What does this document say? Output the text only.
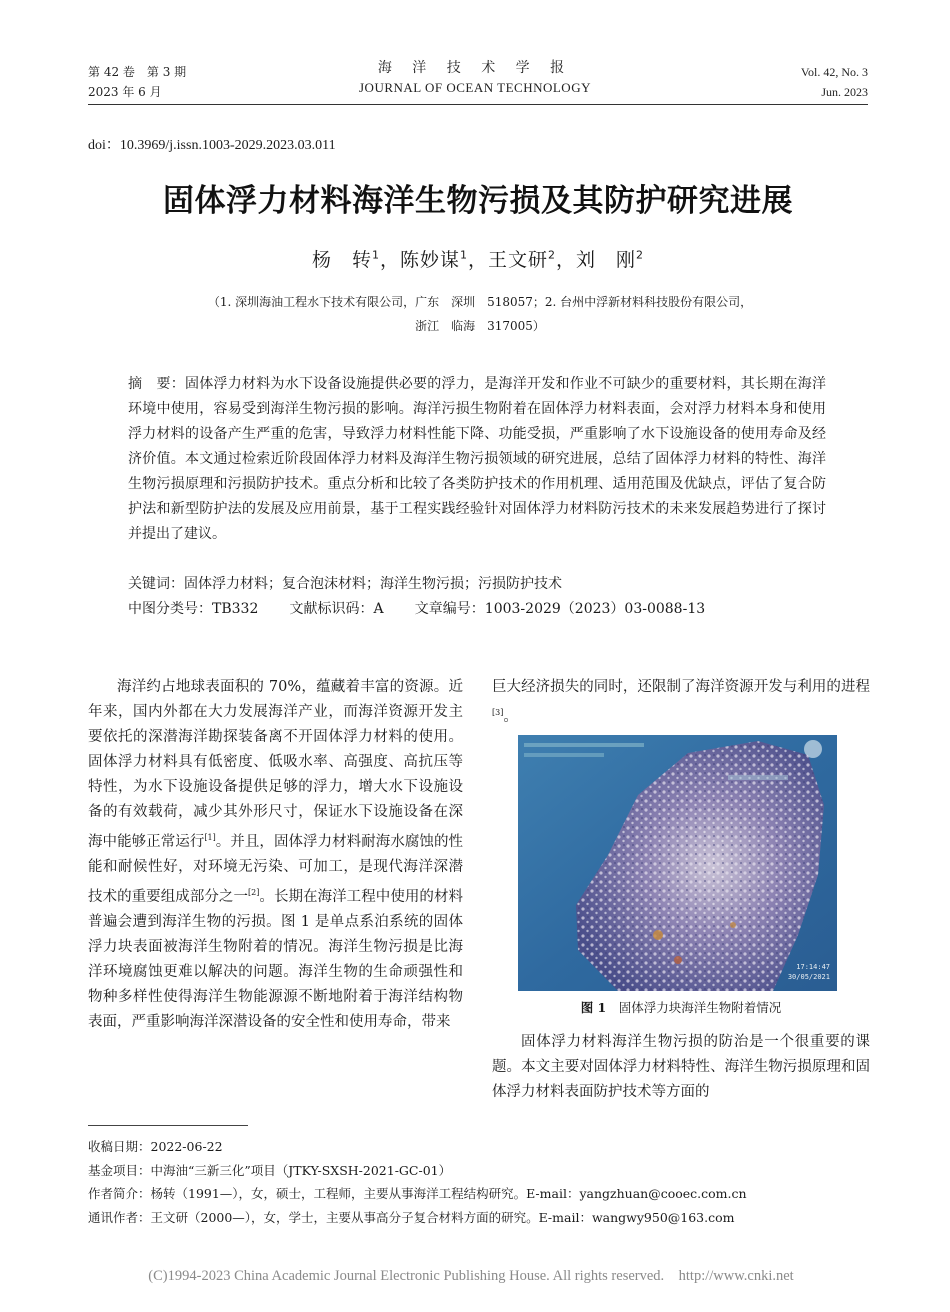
第 42 卷　第 3 期
2023 年 6 月
海 洋 技 术 学 报
JOURNAL OF OCEAN TECHNOLOGY
Vol. 42, No. 3
Jun. 2023
doi：10.3969/j.issn.1003-2029.2023.03.011
固体浮力材料海洋生物污损及其防护研究进展
杨　转$^1$，陈妙谋$^1$，王文研$^2$，刘　刚$^2$
（1. 深圳海油工程水下技术有限公司，广东　深圳　518057；2. 台州中浮新材料科技股份有限公司，
浙江　临海　317005）
摘　要：固体浮力材料为水下设备设施提供必要的浮力，是海洋开发和作业不可缺少的重要材料，其长期在海洋环境中使用，容易受到海洋生物污损的影响。海洋污损生物附着在固体浮力材料表面，会对浮力材料本身和使用浮力材料的设备产生严重的危害，导致浮力材料性能下降、功能受损，严重影响了水下设施设备的使用寿命及经济价值。本文通过检索近阶段固体浮力材料及海洋生物污损领域的研究进展，总结了固体浮力材料的特性、海洋生物污损原理和污损防护技术。重点分析和比较了各类防护技术的作用机理、适用范围及优缺点，评估了复合防护法和新型防护法的发展及应用前景，基于工程实践经验针对固体浮力材料防污技术的未来发展趋势进行了探讨并提出了建议。
关键词：固体浮力材料；复合泡沫材料；海洋生物污损；污损防护技术
中图分类号：TB332 文献标识码：A 文章编号：1003-2029（2023）03-0088-13
海洋约占地球表面积的 70%，蕴藏着丰富的资源。近年来，国内外都在大力发展海洋产业，而海洋资源开发主要依托的深潜海洋勘探装备离不开固体浮力材料的使用。固体浮力材料具有低密度、低吸水率、高强度、高抗压等特性，为水下设施设备提供足够的浮力，增大水下设施设备的有效载荷，减少其外形尺寸，保证水下设施设备在深海中能够正常运行[1]。并且，固体浮力材料耐海水腐蚀的性能和耐候性好，对环境无污染、可加工，是现代海洋深潜技术的重要组成部分之一[2]。长期在海洋工程中使用的材料普遍会遭到海洋生物的污损。图 1 是单点系泊系统的固体浮力块表面被海洋生物附着的情况。海洋生物污损是比海洋环境腐蚀更难以解决的问题。海洋生物的生命顽强性和物种多样性使得海洋生物能源源不断地附着于海洋结构物表面，严重影响海洋深潜设备的安全性和使用寿命，带来
巨大经济损失的同时，还限制了海洋资源开发与利用的进程[3]。
17:14:47
30/05/2021
图 1　固体浮力块海洋生物附着情况
固体浮力材料海洋生物污损的防治是一个很重要的课题。本文主要对固体浮力材料特性、海洋生物污损原理和固体浮力材料表面防护技术等方面的
收稿日期：2022-06-22
基金项目：中海油“三新三化”项目（JTKY-SXSH-2021-GC-01）
作者简介：杨转（1991—），女，硕士，工程师，主要从事海洋工程结构研究。E-mail：yangzhuan@cooec.com.cn
通讯作者：王文研（2000—），女，学士，主要从事高分子复合材料方面的研究。E-mail：wangwy950@163.com
(C)1994-2023 China Academic Journal Electronic Publishing House. All rights reserved.    http://www.cnki.net
